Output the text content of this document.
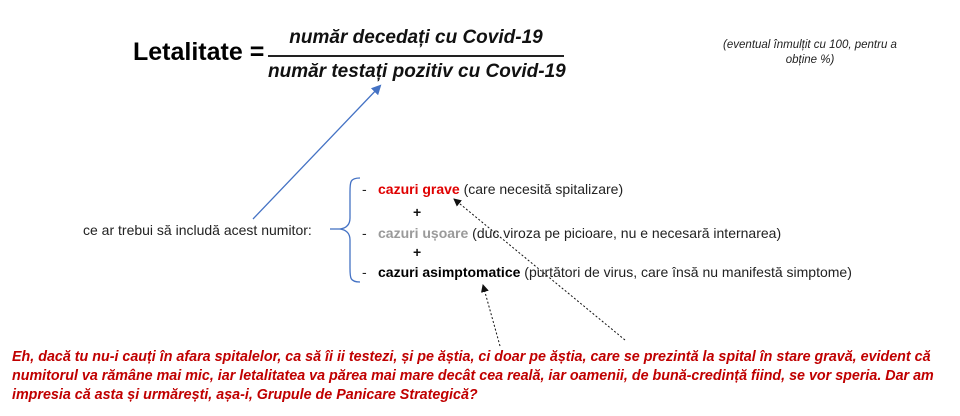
Letalitate =
număr decedați cu Covid-19
număr testați pozitiv cu Covid-19
(eventual înmulțit cu 100, pentru a obține %)
ce ar trebui să includă acest numitor:
- cazuri grave (care necesită spitalizare)
+
- cazuri ușoare (duc viroza pe picioare, nu e necesară internarea)
+
- cazuri asimptomatice (purtători de virus, care însă nu manifestă simptome)
Eh, dacă tu nu-i cauți în afara spitalelor, ca să îi ii testezi, și pe ăștia, ci doar pe ăștia, care se prezintă la spital în stare gravă, evident că numitorul va rămâne mai mic, iar letalitatea va părea mai mare decât cea reală, iar oamenii, de bună-credință fiind, se vor speria. Dar am impresia că asta și urmărești, așa-i, Grupule de Panicare Strategică?
